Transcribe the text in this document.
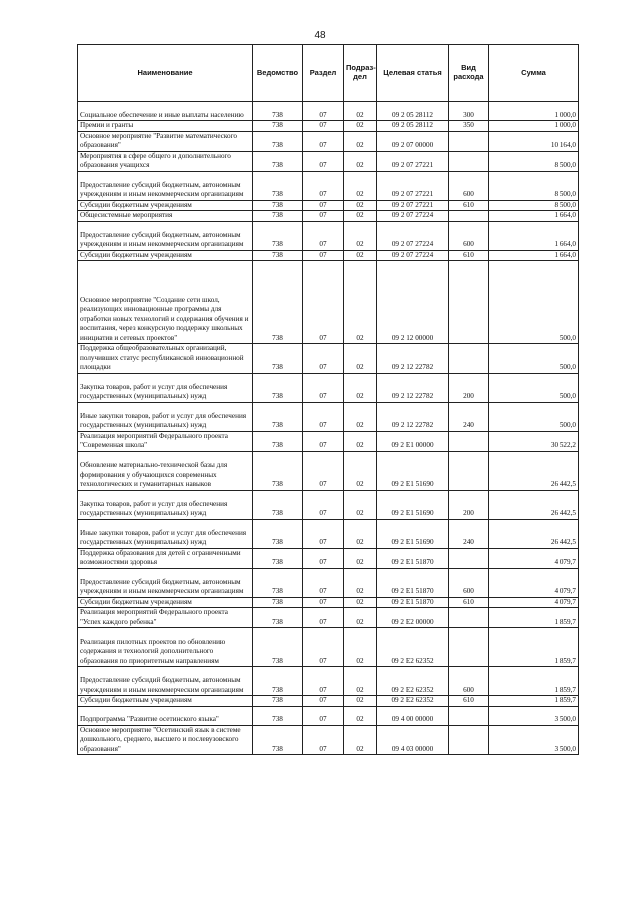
48
Наименование	Ведомство	Раздел	Подраз-дел	Целевая статья	Вид расхода	Сумма
Социальное обеспечение и иные выплаты населению	738	07	02	09 2 05 28112	300	1 000,0
Премии и гранты	738	07	02	09 2 05 28112	350	1 000,0
Основное мероприятие "Развитие математического образования"	738	07	02	09 2 07 00000		10 164,0
Мероприятия в сфере общего и дополнительного образования учащихся	738	07	02	09 2 07 27221		8 500,0
Предоставление субсидий бюджетным, автономным учреждениям и иным некоммерческим организациям	738	07	02	09 2 07 27221	600	8 500,0
Субсидии бюджетным учреждениям	738	07	02	09 2 07 27221	610	8 500,0
Общесистемные мероприятия	738	07	02	09 2 07 27224		1 664,0
Предоставление субсидий бюджетным, автономным учреждениям и иным некоммерческим организациям	738	07	02	09 2 07 27224	600	1 664,0
Субсидии бюджетным учреждениям	738	07	02	09 2 07 27224	610	1 664,0
Основное мероприятие "Создание сети школ, реализующих инновационные программы для отработки новых технологий и содержания обучения и воспитания, через конкурсную поддержку школьных инициатив и сетевых проектов"	738	07	02	09 2 12 00000		500,0
Поддержка общеобразовательных организаций, получивших статус республиканской инновационной площадки	738	07	02	09 2 12 22782		500,0
Закупка товаров, работ и услуг для обеспечения государственных (муниципальных) нужд	738	07	02	09 2 12 22782	200	500,0
Иные закупки товаров, работ и услуг для обеспечения государственных (муниципальных) нужд	738	07	02	09 2 12 22782	240	500,0
Реализация мероприятий Федерального проекта "Современная школа"	738	07	02	09 2 E1 00000		30 522,2
Обновление материально-технической базы для формирования у обучающихся современных технологических и гуманитарных навыков	738	07	02	09 2 E1 51690		26 442,5
Закупка товаров, работ и услуг для обеспечения государственных (муниципальных) нужд	738	07	02	09 2 E1 51690	200	26 442,5
Иные закупки товаров, работ и услуг для обеспечения государственных (муниципальных) нужд	738	07	02	09 2 E1 51690	240	26 442,5
Поддержка образования для детей с ограниченными возможностями здоровья	738	07	02	09 2 E1 51870		4 079,7
Предоставление субсидий бюджетным, автономным учреждениям и иным некоммерческим организациям	738	07	02	09 2 E1 51870	600	4 079,7
Субсидии бюджетным учреждениям	738	07	02	09 2 E1 51870	610	4 079,7
Реализация мероприятий Федерального проекта "Успех каждого ребенка"	738	07	02	09 2 E2 00000		1 859,7
Реализация пилотных проектов по обновлению содержания и технологий дополнительного образования по приоритетным направлениям	738	07	02	09 2 E2 62352		1 859,7
Предоставление субсидий бюджетным, автономным учреждениям и иным некоммерческим организациям	738	07	02	09 2 E2 62352	600	1 859,7
Субсидии бюджетным учреждениям	738	07	02	09 2 E2 62352	610	1 859,7
Подпрограмма "Развитие осетинского языка"	738	07	02	09 4 00 00000		3 500,0
Основное мероприятие "Осетинский язык в системе дошкольного, среднего, высшего и послевузовского образования"	738	07	02	09 4 03 00000		3 500,0
